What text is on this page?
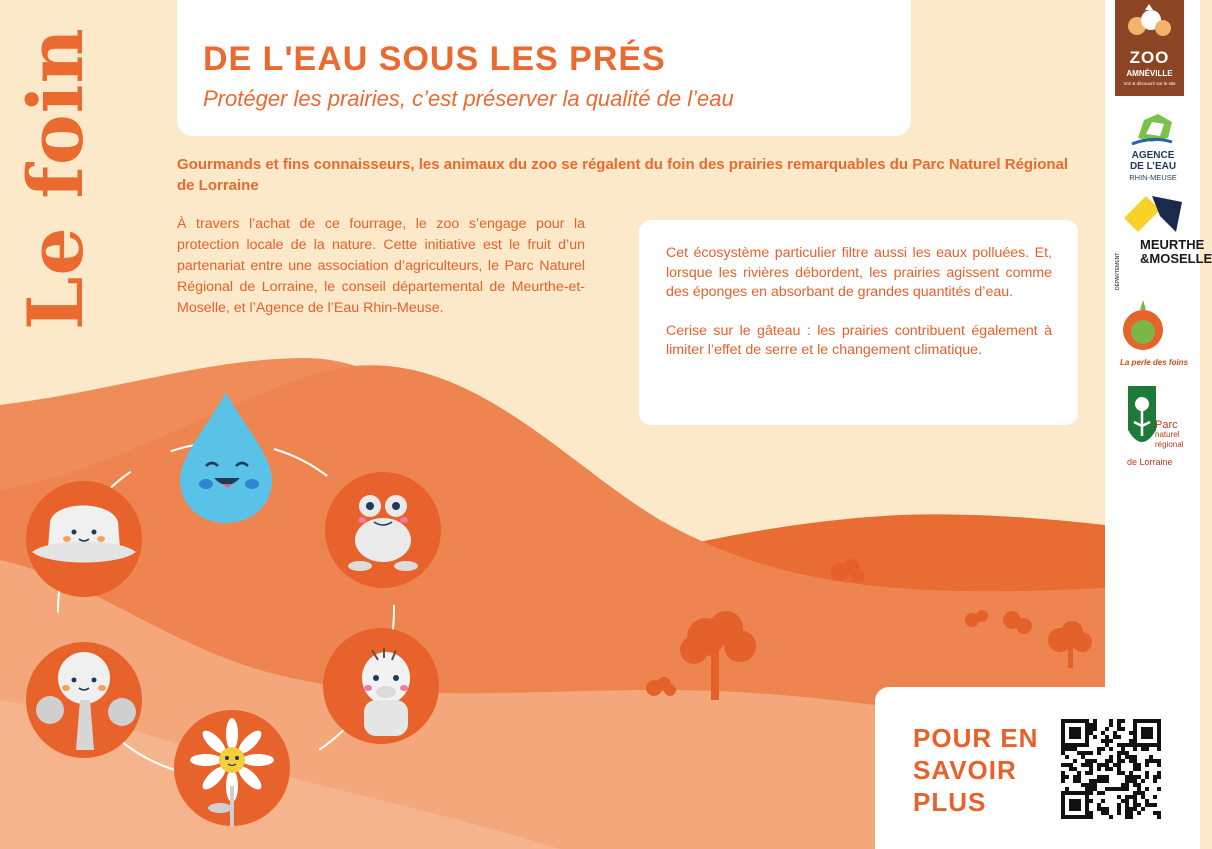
Le foin	DE L'EAU SOUS LES PRÉS
Protéger les prairies, c’est préserver la qualité de l’eau
Gourmands et fins connaisseurs, les animaux du zoo se régalent du foin des prairies remarquables du Parc Naturel Régional de Lorraine
À travers l’achat de ce fourrage, le zoo s’engage pour la protection locale de la nature. Cette initiative est le fruit d’un partenariat entre une association d’agriculteurs, le Parc Naturel Régional de Lorraine, le conseil départemental de Meurthe-et-Moselle, et l’Agence de l’Eau Rhin-Meuse.

Cet écosystème particulier filtre aussi les eaux polluées. Et, lorsque les rivières débordent, les prairies agissent comme des éponges en absorbant de grandes quantités d’eau.

Cerise sur le gâteau : les prairies contribuent également à limiter l’effet de serre et le changement climatique.

ZOO
AMNÉVILLE
Voir & découvrir sur le site
AGENCE
DE L’EAU
RHIN-MEUSE
MEURTHE
&MOSELLE
DÉPARTEMENT
La perle des foins
Parc
naturel
régional
de Lorraine
POUR EN
SAVOIR
PLUS
